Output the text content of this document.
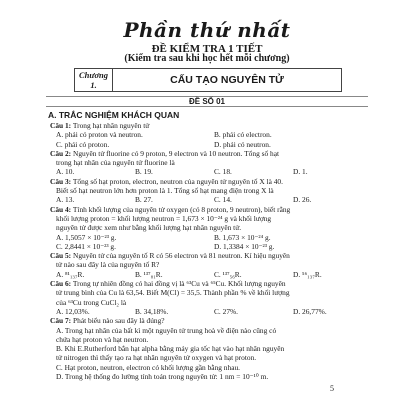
Phần thứ nhất
ĐỀ KIỂM TRA 1 TIẾT
(Kiểm tra sau khi học hết mỗi chương)
Chương
1.	CẤU TẠO NGUYÊN TỬ
ĐỀ SỐ 01
A. TRẮC NGHIỆM KHÁCH QUAN
Câu 1: Trong hạt nhân nguyên tử
A. phải có proton và neutron.	B. phải có electron.
C. phải có proton.	D. phải có neutron.
Câu 2: Nguyên tử fluorine có 9 proton, 9 electron và 10 neutron. Tổng số hạt
trong hạt nhân của nguyên tử fluorine là
A. 10.	B. 19.	C. 18.	D. 1.
Câu 3: Tổng số hạt proton, electron, neutron của nguyên tử nguyên tố X là 40.
Biết số hạt neutron lớn hơn proton là 1. Tổng số hạt mang điện trong X là
A. 13.	B. 27.	C. 14.	D. 26.
Câu 4: Tính khối lượng của nguyên tử oxygen (có 8 proton, 9 neutron), biết rằng
khối lượng proton = khối lượng neutron = 1,673 × 10⁻²⁴ g và khối lượng
nguyên tử được xem như bằng khối lượng hạt nhân nguyên tử.
A. 1,5057 × 10⁻²³ g.	B. 1,673 × 10⁻²⁴ g.
C. 2,8441 × 10⁻²³ g.	D. 1,3384 × 10⁻²³ g.
Câu 5: Nguyên tử của nguyên tố R có 56 electron và 81 neutron. Kí hiệu nguyên
tử nào sau đây là của nguyên tố R?
A. ⁸¹₁₃₇R.	B. ¹³⁷₈₁R.	C. ¹³⁷₅₆R.	D. ⁵⁶₁₃₇R.
Câu 6: Trong tự nhiên đồng có hai đồng vị là ⁶³Cu và ⁶⁵Cu. Khối lượng nguyên
tử trung bình của Cu là 63,54. Biết M(Cl) = 35,5. Thành phần % về khối lượng
của ⁶³Cu trong CuCl₂ là
A. 12,03%.	B. 34,18%.	C. 27%.	D. 26,77%.
Câu 7: Phát biểu nào sau đây là đúng?
A. Trong hạt nhân của bất kì một nguyên tử trung hoà về điện nào cũng có
chứa hạt proton và hạt neutron.
B. Khi E.Rutherford bắn hạt alpha bằng máy gia tốc hạt vào hạt nhân nguyên
tử nitrogen thì thấy tạo ra hạt nhân nguyên tử oxygen và hạt proton.
C. Hạt proton, neutron, electron có khối lượng gần bằng nhau.
D. Trong hệ thống đo lường tính toán trong nguyên tử: 1 nm = 10⁻¹⁰ m.
5
